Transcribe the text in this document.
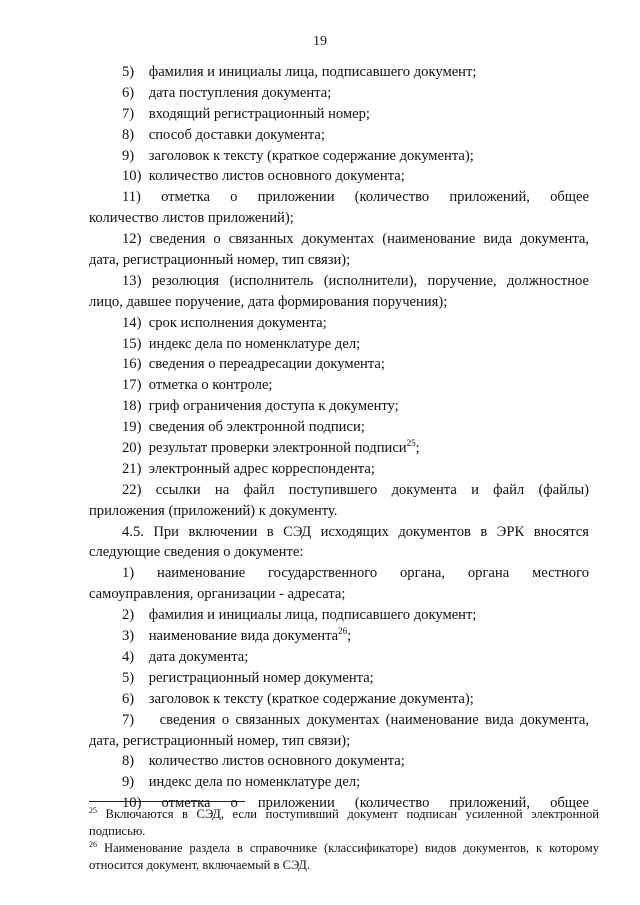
19
5)    фамилия и инициалы лица, подписавшего документ;
6)    дата поступления документа;
7)    входящий регистрационный номер;
8)    способ доставки документа;
9)    заголовок к тексту (краткое содержание документа);
10)  количество листов основного документа;
11) отметка о приложении (количество приложений, общее
количество листов приложений);
12) сведения о связанных документах (наименование вида документа,
дата, регистрационный номер, тип связи);
13) резолюция (исполнитель (исполнители), поручение, должностное
лицо, давшее поручение, дата формирования поручения);
14)  срок исполнения документа;
15)  индекс дела по номенклатуре дел;
16)  сведения о переадресации документа;
17)  отметка о контроле;
18)  гриф ограничения доступа к документу;
19)  сведения об электронной подписи;
20)  результат проверки электронной подписи$^{25}$;
21)  электронный адрес корреспондента;
22) ссылки на файл поступившего документа и файл (файлы)
приложения (приложений) к документу.
4.5. При включении в СЭД исходящих документов в ЭРК вносятся
следующие сведения о документе:
1) наименование государственного органа, органа местного
самоуправления, организации - адресата;
2)    фамилия и инициалы лица, подписавшего документ;
3)    наименование вида документа$^{26}$;
4)    дата документа;
5)    регистрационный номер документа;
6)    заголовок к тексту (краткое содержание документа);
7)    сведения о связанных документах (наименование вида документа,
дата, регистрационный номер, тип связи);
8)    количество листов основного документа;
9)    индекс дела по номенклатуре дел;
10) отметка о приложении (количество приложений, общее
$^{25}$ Включаются в СЭД, если поступивший документ подписан усиленной электронной подписью.
$^{26}$ Наименование раздела в справочнике (классификаторе) видов документов, к которому относится документ, включаемый в СЭД.
